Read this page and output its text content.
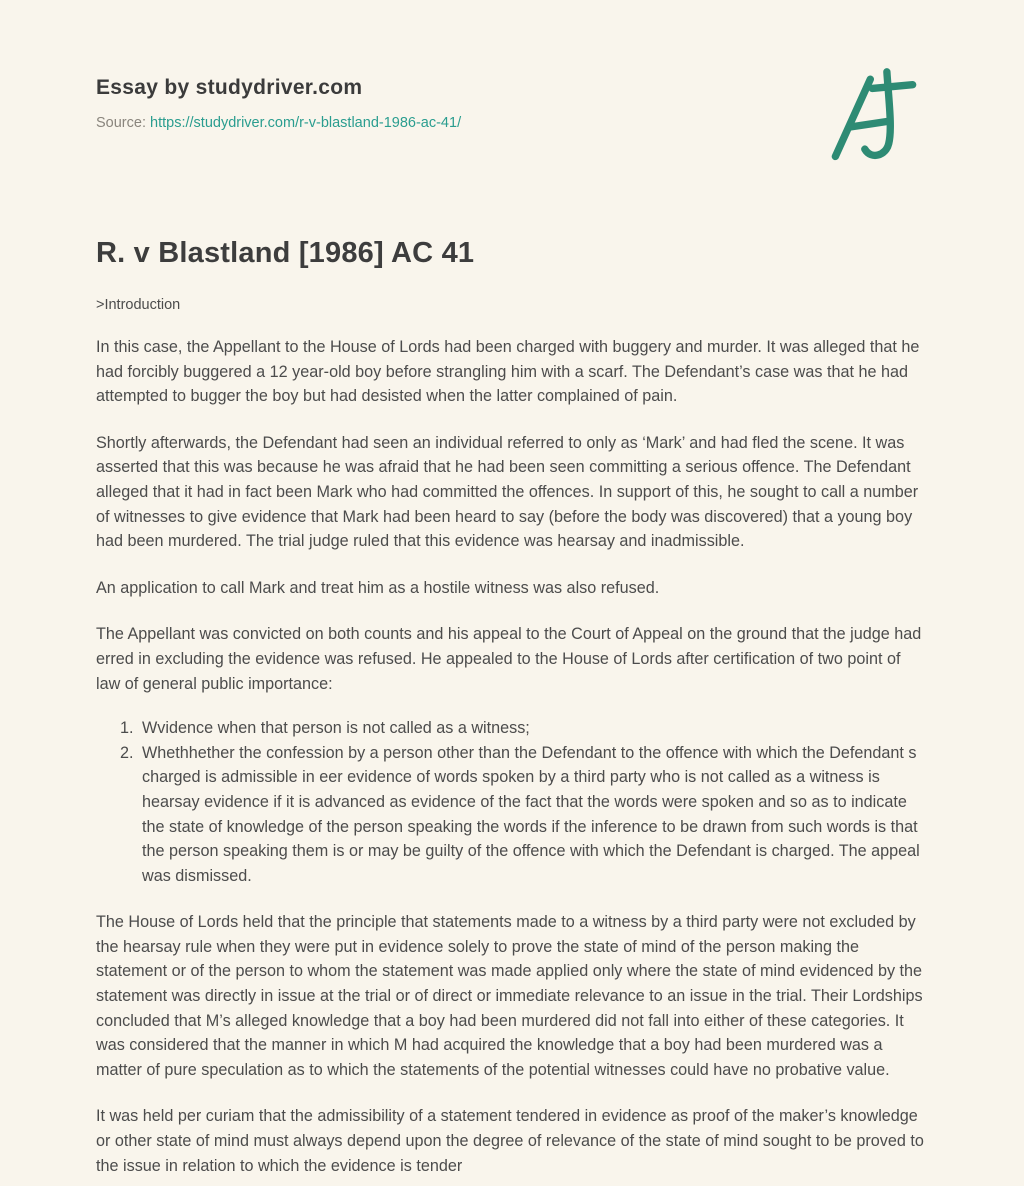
Essay by studydriver.com
Source: https://studydriver.com/r-v-blastland-1986-ac-41/
R. v Blastland [1986] AC 41
>Introduction

In this case, the Appellant to the House of Lords had been charged with buggery and murder. It was alleged that he had forcibly buggered a 12 year-old boy before strangling him with a scarf. The Defendant’s case was that he had attempted to bugger the boy but had desisted when the latter complained of pain.

Shortly afterwards, the Defendant had seen an individual referred to only as ‘Mark’ and had fled the scene. It was asserted that this was because he was afraid that he had been seen committing a serious offence. The Defendant alleged that it had in fact been Mark who had committed the offences. In support of this, he sought to call a number of witnesses to give evidence that Mark had been heard to say (before the body was discovered) that a young boy had been murdered. The trial judge ruled that this evidence was hearsay and inadmissible.

An application to call Mark and treat him as a hostile witness was also refused.

The Appellant was convicted on both counts and his appeal to the Court of Appeal on the ground that the judge had erred in excluding the evidence was refused. He appealed to the House of Lords after certification of two point of law of general public importance:

1. Wvidence when that person is not called as a witness;
2. Whethhether the confession by a person other than the Defendant to the offence with which the Defendant s charged is admissible in eer evidence of words spoken by a third party who is not called as a witness is hearsay evidence if it is advanced as evidence of the fact that the words were spoken and so as to indicate the state of knowledge of the person speaking the words if the inference to be drawn from such words is that the person speaking them is or may be guilty of the offence with which the Defendant is charged. The appeal was dismissed.

The House of Lords held that the principle that statements made to a witness by a third party were not excluded by the hearsay rule when they were put in evidence solely to prove the state of mind of the person making the statement or of the person to whom the statement was made applied only where the state of mind evidenced by the statement was directly in issue at the trial or of direct or immediate relevance to an issue in the trial. Their Lordships concluded that M’s alleged knowledge that a boy had been murdered did not fall into either of these categories. It was considered that the manner in which M had acquired the knowledge that a boy had been murdered was a matter of pure speculation as to which the statements of the potential witnesses could have no probative value.

It was held per curiam that the admissibility of a statement tendered in evidence as proof of the maker’s knowledge or other state of mind must always depend upon the degree of relevance of the state of mind sought to be proved to the issue in relation to which the evidence is tender
